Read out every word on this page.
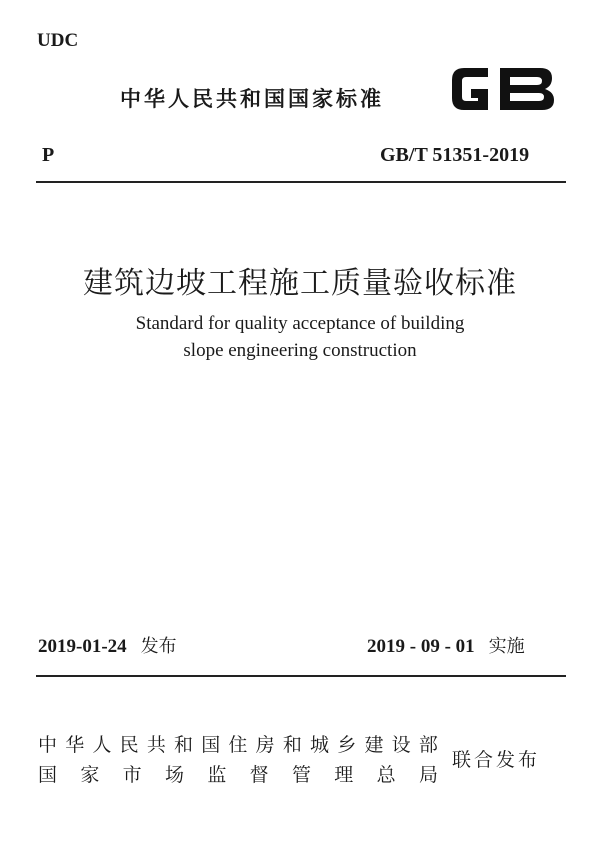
UDC
中华人民共和国国家标准
P	GB/T 51351-2019
建筑边坡工程施工质量验收标准
Standard for quality acceptance of building
slope engineering construction
2019-01-24 发布	2019 - 09 - 01 实施
中 华 人 民 共 和 国 住 房 和 城 乡 建 设 部
国 家 市 场 监 督 管 理 总 局
联合发布
